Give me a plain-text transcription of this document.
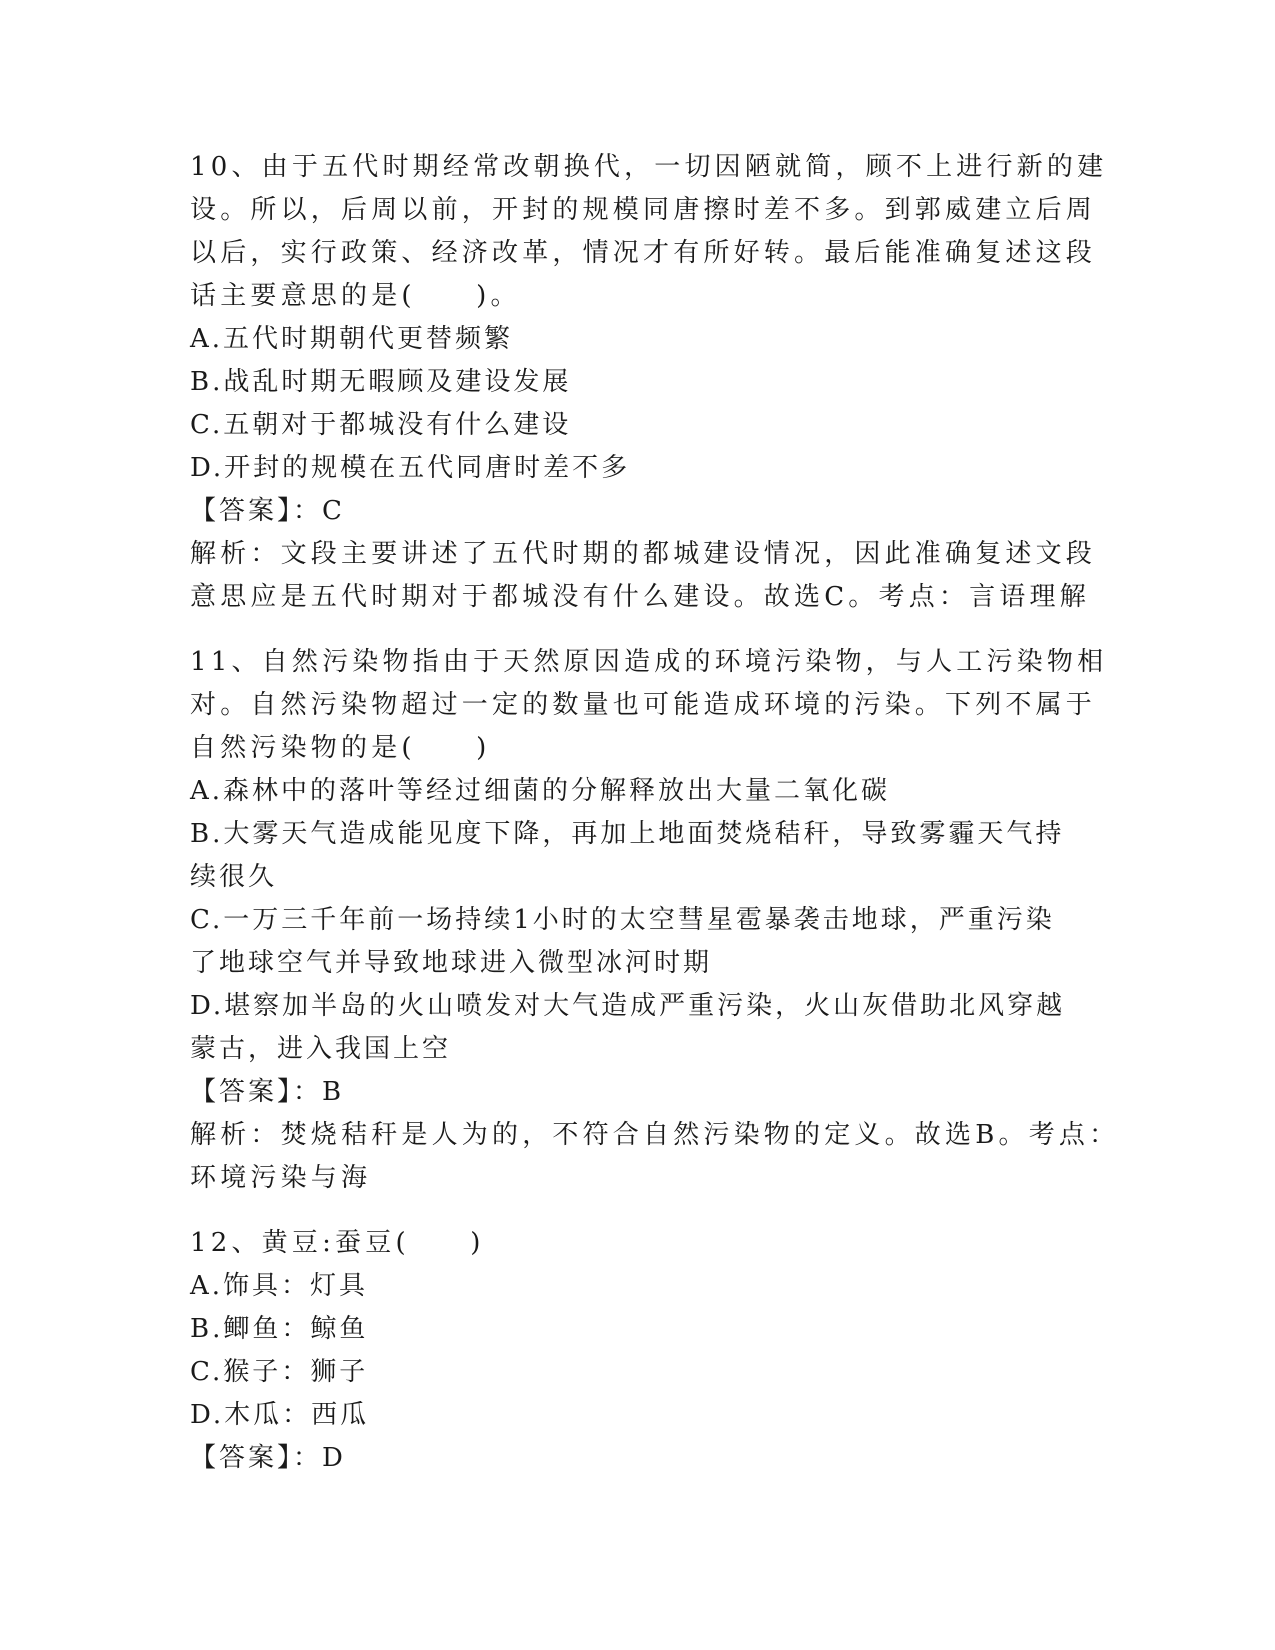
10、由于五代时期经常改朝换代，一切因陋就简，顾不上进行新的建
设。所以，后周以前，开封的规模同唐擦时差不多。到郭威建立后周
以后，实行政策、经济改革，情况才有所好转。最后能准确复述这段
话主要意思的是(　　)。
A.五代时期朝代更替频繁
B.战乱时期无暇顾及建设发展
C.五朝对于都城没有什么建设
D.开封的规模在五代同唐时差不多
【答案】：C
解析：文段主要讲述了五代时期的都城建设情况，因此准确复述文段
意思应是五代时期对于都城没有什么建设。故选C。考点：言语理解
11、自然污染物指由于天然原因造成的环境污染物，与人工污染物相
对。自然污染物超过一定的数量也可能造成环境的污染。下列不属于
自然污染物的是(　　)
A.森林中的落叶等经过细菌的分解释放出大量二氧化碳
B.大雾天气造成能见度下降，再加上地面焚烧秸秆，导致雾霾天气持
续很久
C.一万三千年前一场持续1小时的太空彗星雹暴袭击地球，严重污染
了地球空气并导致地球进入微型冰河时期
D.堪察加半岛的火山喷发对大气造成严重污染，火山灰借助北风穿越
蒙古，进入我国上空
【答案】：B
解析：焚烧秸秆是人为的，不符合自然污染物的定义。故选B。考点：
环境污染与海
12、黄豆:蚕豆(　　)
A.饰具：灯具
B.鲫鱼：鲸鱼
C.猴子：狮子
D.木瓜：西瓜
【答案】：D
